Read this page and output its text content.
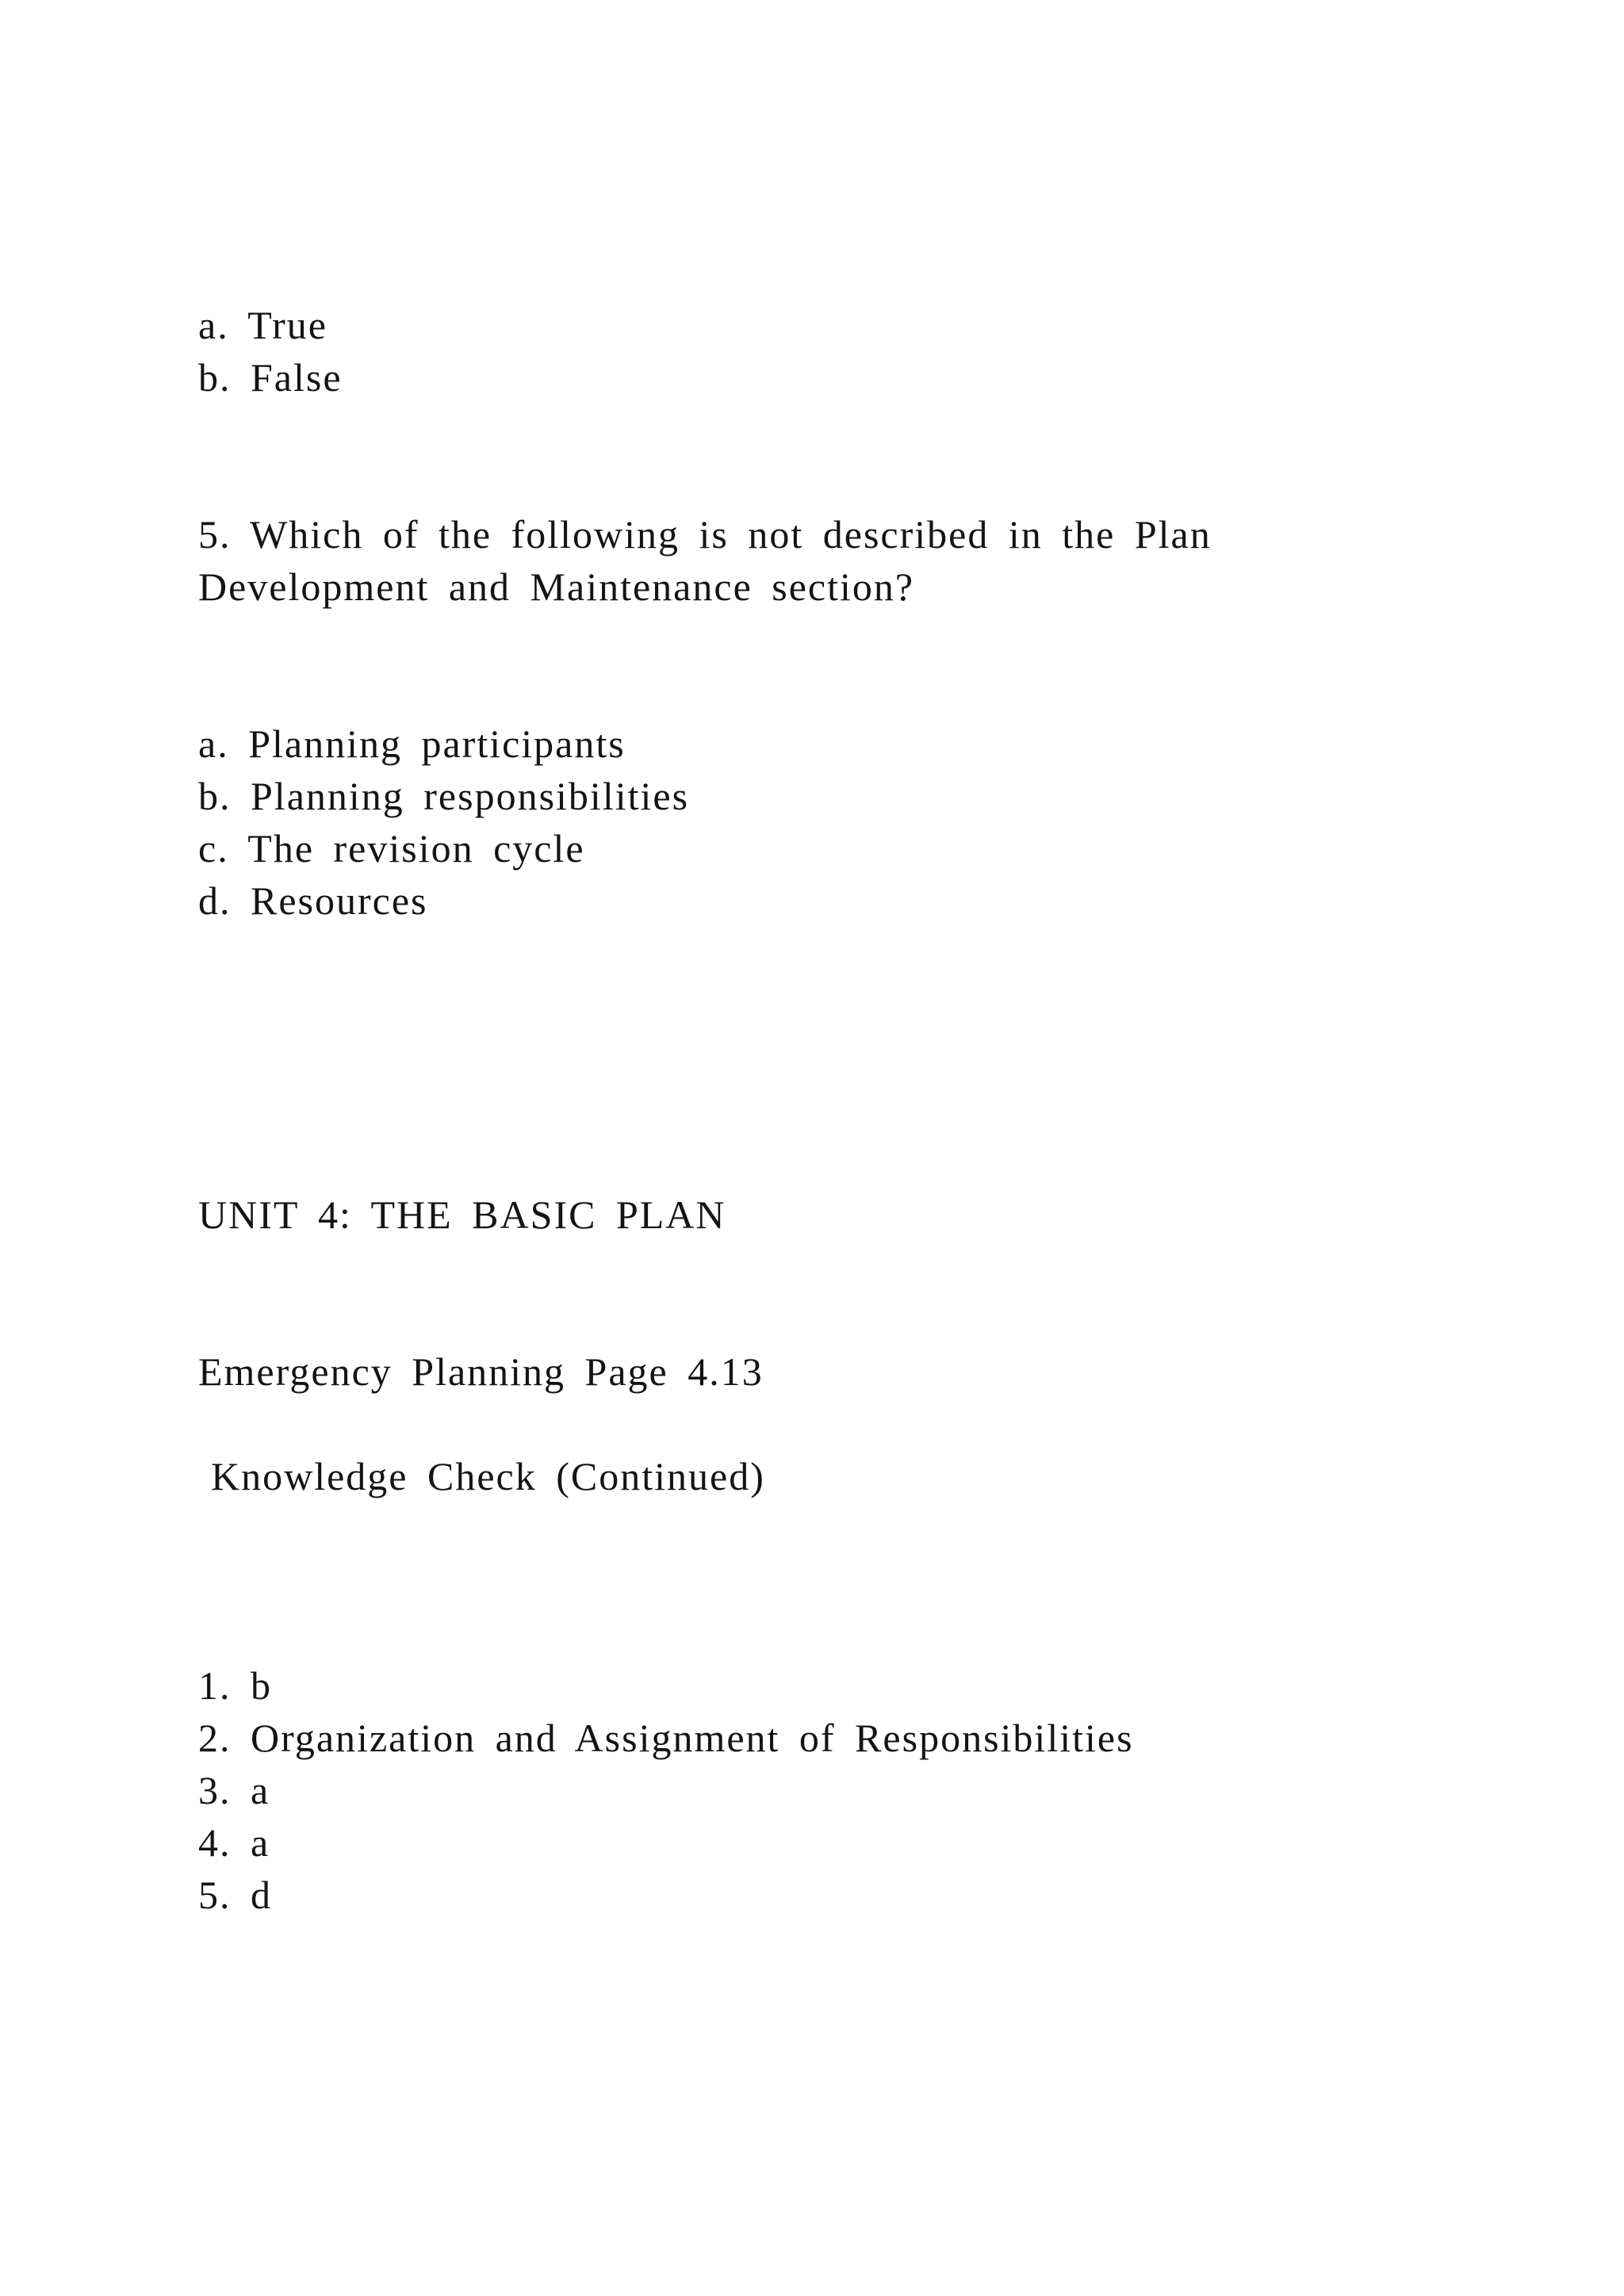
a. True
b. False
5. Which of the following is not described in the Plan
Development and Maintenance section?
a. Planning participants
b. Planning responsibilities
c. The revision cycle
d. Resources
UNIT 4: THE BASIC PLAN
Emergency Planning Page 4.13
Knowledge Check (Continued)
1. b
2. Organization and Assignment of Responsibilities
3. a
4. a
5. d
